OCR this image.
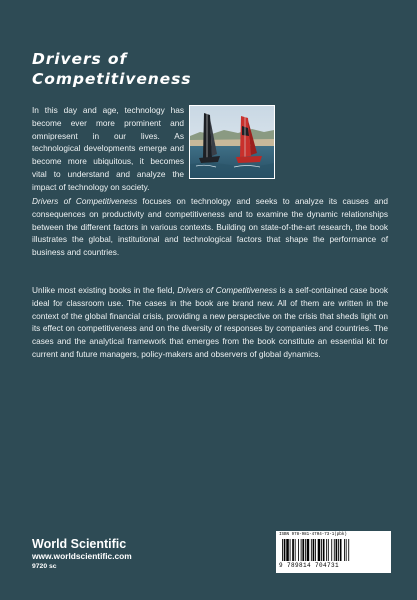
Drivers of
Competitiveness
In this day and age, technology has become ever more prominent and omnipresent in our lives. As technological developments emerge and become more ubiquitous, it becomes vital to understand and analyze the impact of technology on society.
Drivers of Competitiveness focuses on technology and seeks to analyze its causes and consequences on productivity and competitiveness and to examine the dynamic relationships between the different factors in various contexts. Building on state-of-the-art research, the book illustrates the global, institutional and technological factors that shape the performance of business and countries.
Unlike most existing books in the field, Drivers of Competitiveness is a self-contained case book ideal for classroom use. The cases in the book are brand new. All of them are written in the context of the global financial crisis, providing a new perspective on the crisis that sheds light on its effect on competitiveness and on the diversity of responses by companies and countries. The cases and the analytical framework that emerges from the book constitute an essential kit for current and future managers, policy-makers and observers of global dynamics.
World Scientific
www.worldscientific.com
9720 sc
ISBN 978-981-4704-73-1(pbk)
9 789814 704731
